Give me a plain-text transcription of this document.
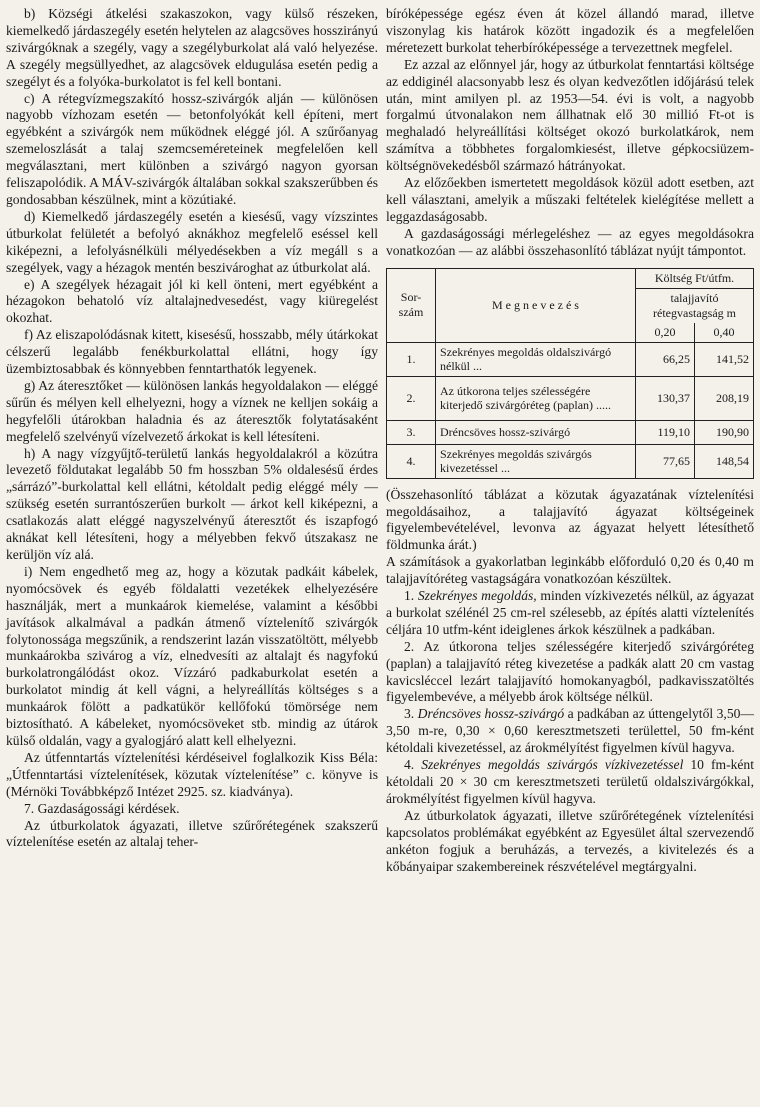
b) Községi átkelési szakaszokon, vagy külső részeken, kiemelkedő járdaszegély esetén helytelen az alagcsöves hosszirányú szivárgóknak a szegély, vagy a szegélyburkolat alá való helyezése. A szegély megsüllyedhet, az alagcsövek eldugulása esetén pedig a szegélyt és a folyóka-burkolatot is fel kell bontani.

c) A rétegvízmegszakító hossz-szivárgók alján — különösen nagyobb vízhozam esetén — betonfolyókát kell építeni, mert egyébként a szivárgók nem működnek eléggé jól. A szűrőanyag szemeloszlását a talaj szemcseméreteinek megfelelően kell megválasztani, mert különben a szivárgó nagyon gyorsan feliszapolódik. A MÁV-szivárgók általában sokkal szakszerűbben és gondosabban készülnek, mint a közútiaké.

d) Kiemelkedő járdaszegély esetén a kiesésű, vagy vízszintes útburkolat felületét a befolyó aknákhoz megfelelő eséssel kell kiképezni, a lefolyásnélküli mélyedésekben a víz megáll s a szegélyek, vagy a hézagok mentén beszivároghat az útburkolat alá.

e) A szegélyek hézagait jól ki kell önteni, mert egyébként a hézagokon behatoló víz altalajnedvesedést, vagy kiüregelést okozhat.

f) Az eliszapolódásnak kitett, kisesésű, hosszabb, mély útárkokat célszerű legalább fenékburkolattal ellátni, hogy így üzembiztosabbak és könnyebben fenntarthatók legyenek.

g) Az áteresztőket — különösen lankás hegyoldalakon — eléggé sűrűn és mélyen kell elhelyezni, hogy a víznek ne kelljen sokáig a hegyfelőli útárokban haladnia és az áteresztők folytatásaként megfelelő szelvényű vízelvezető árkokat is kell létesíteni.

h) A nagy vízgyűjtő-területű lankás hegyoldalakról a közútra levezető földutakat legalább 50 fm hosszban 5% oldalesésű érdes „sárrázó”-burkolattal kell ellátni, kétoldalt pedig eléggé mély — szükség esetén surrantószerűen burkolt — árkot kell kiképezni, a csatlakozás alatt eléggé nagyszelvényű áteresztőt és iszapfogó aknákat kell létesíteni, hogy a mélyebben fekvő útszakasz ne kerüljön víz alá.

i) Nem engedhető meg az, hogy a közutak padkáit kábelek, nyomócsövek és egyéb földalatti vezetékek elhelyezésére használják, mert a munkaárok kiemelése, valamint a későbbi javítások alkalmával a padkán átmenő víztelenítő szivárgók folytonossága megszűnik, a rendszerint lazán visszatöltött, mélyebb munkaárokba szivárog a víz, elnedvesíti az altalajt és nagyfokú burkolatrongálódást okoz. Vízzáró padkaburkolat esetén a burkolatot mindig át kell vágni, a helyreállítás költséges s a munkaárok fölött a padkatükör kellőfokú tömörsége nem biztosítható. A kábeleket, nyomócsöveket stb. mindig az útárok külső oldalán, vagy a gyalogjáró alatt kell elhelyezni.

Az útfenntartás víztelenítési kérdéseivel foglalkozik Kiss Béla: „Útfenntartási víztelenítések, közutak víztelenítése” c. könyve is (Mérnöki Továbbképző Intézet 2925. sz. kiadványa).

7. Gazdaságossági kérdések.

Az útburkolatok ágyazati, illetve szűrőrétegének szakszerű víztelenítése esetén az altalaj teher-

bíróképessége egész éven át közel állandó marad, illetve viszonylag kis határok között ingadozik és a megfelelően méretezett burkolat teherbíróképessége a tervezettnek megfelel.

Ez azzal az előnnyel jár, hogy az útburkolat fenntartási költsége az eddiginél alacsonyabb lesz és olyan kedvezőtlen időjárású telek után, mint amilyen pl. az 1953—54. évi is volt, a nagyobb forgalmú útvonalakon nem állhatnak elő 30 millió Ft-ot is meghaladó helyreállítási költséget okozó burkolatkárok, nem számítva a többhetes forgalomkiesést, illetve gépkocsiüzem-költségnövekedésből származó hátrányokat.

Az előzőekben ismertetett megoldások közül adott esetben, azt kell választani, amelyik a műszaki feltételek kielégítése mellett a leggazdaságosabb.

A gazdaságossági mérlegeléshez — az egyes megoldásokra vonatkozóan — az alábbi összehasonlító táblázat nyújt támpontot.

Sor-
szám	M e g n e v e z é s	Költség Ft/útfm.	
		talajjavító
rétegvastagság m	
		0,20	0,40
1.	Szekrényes megoldás oldalszivárgó nélkül ...	66,25	141,52
2.	Az útkorona teljes szélességére kiterjedő szivárgóréteg (paplan) .....	130,37	208,19
3.	Dréncsöves hossz-szivárgó	119,10	190,90
4.	Szekrényes megoldás szivárgós kivezetéssel ...	77,65	148,54

(Összehasonlító táblázat a közutak ágyazatának víztelenítési megoldásaihoz, a talajjavító ágyazat költségeinek figyelembevételével, levonva az ágyazat helyett létesíthető földmunka árát.)

A számítások a gyakorlatban leginkább előforduló 0,20 és 0,40 m talajjavítóréteg vastagságára vonatkozóan készültek.

1. Szekrényes megoldás, minden vízkivezetés nélkül, az ágyazat a burkolat szélénél 25 cm-rel szélesebb, az építés alatti víztelenítés céljára 10 utfm-ként ideiglenes árkok készülnek a padkában.

2. Az útkorona teljes szélességére kiterjedő szivárgóréteg (paplan) a talajjavító réteg kivezetése a padkák alatt 20 cm vastag kavicsléccel lezárt talajjavító homokanyagból, padkavisszatöltés figyelembevéve, a mélyebb árok költsége nélkül.

3. Dréncsöves hossz-szivárgó a padkában az úttengelytől 3,50—3,50 m-re, 0,30 × 0,60 keresztmetszeti területtel, 50 fm-ként kétoldali kivezetéssel, az árokmélyítést figyelmen kívül hagyva.

4. Szekrényes megoldás szivárgós vízkivezetéssel 10 fm-ként kétoldali 20 × 30 cm keresztmetszeti területű oldalszivárgókkal, árokmélyítést figyelmen kívül hagyva.

Az útburkolatok ágyazati, illetve szűrőrétegének víztelenítési kapcsolatos problémákat egyébként az Egyesület által szervezendő ankéton fogjuk a beruházás, a tervezés, a kivitelezés és a kőbányaipar szakembereinek részvételével megtárgyalni.
